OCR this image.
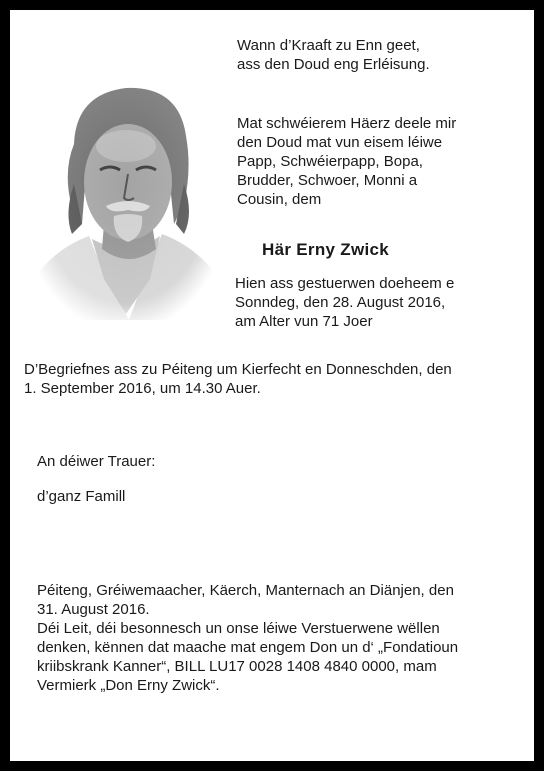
Wann d’Kraaft zu Enn geet,
ass den Doud eng Erléisung.
Mat schwéierem Häerz deele mir
den Doud mat vun eisem léiwe
Papp, Schwéierpapp, Bopa,
Brudder, Schwoer, Monni a
Cousin, dem
Här Erny Zwick
Hien ass gestuerwen doeheem e
Sonndeg, den 28. August 2016,
am Alter vun 71 Joer
D’Begriefnes ass zu Péiteng um Kierfecht en Donneschden, den
1. September 2016, um 14.30 Auer.
An déiwer Trauer:
d’ganz Famill
Péiteng, Gréiwemaacher, Käerch, Manternach an Diänjen, den
31. August 2016.
Déi Leit, déi besonnesch un onse léiwe Verstuerwene wëllen
denken, kënnen dat maache mat engem Don un d‘ „Fondatioun
kriibskrank Kanner“, BILL LU17 0028 1408 4840 0000, mam
Vermierk „Don Erny Zwick“.
